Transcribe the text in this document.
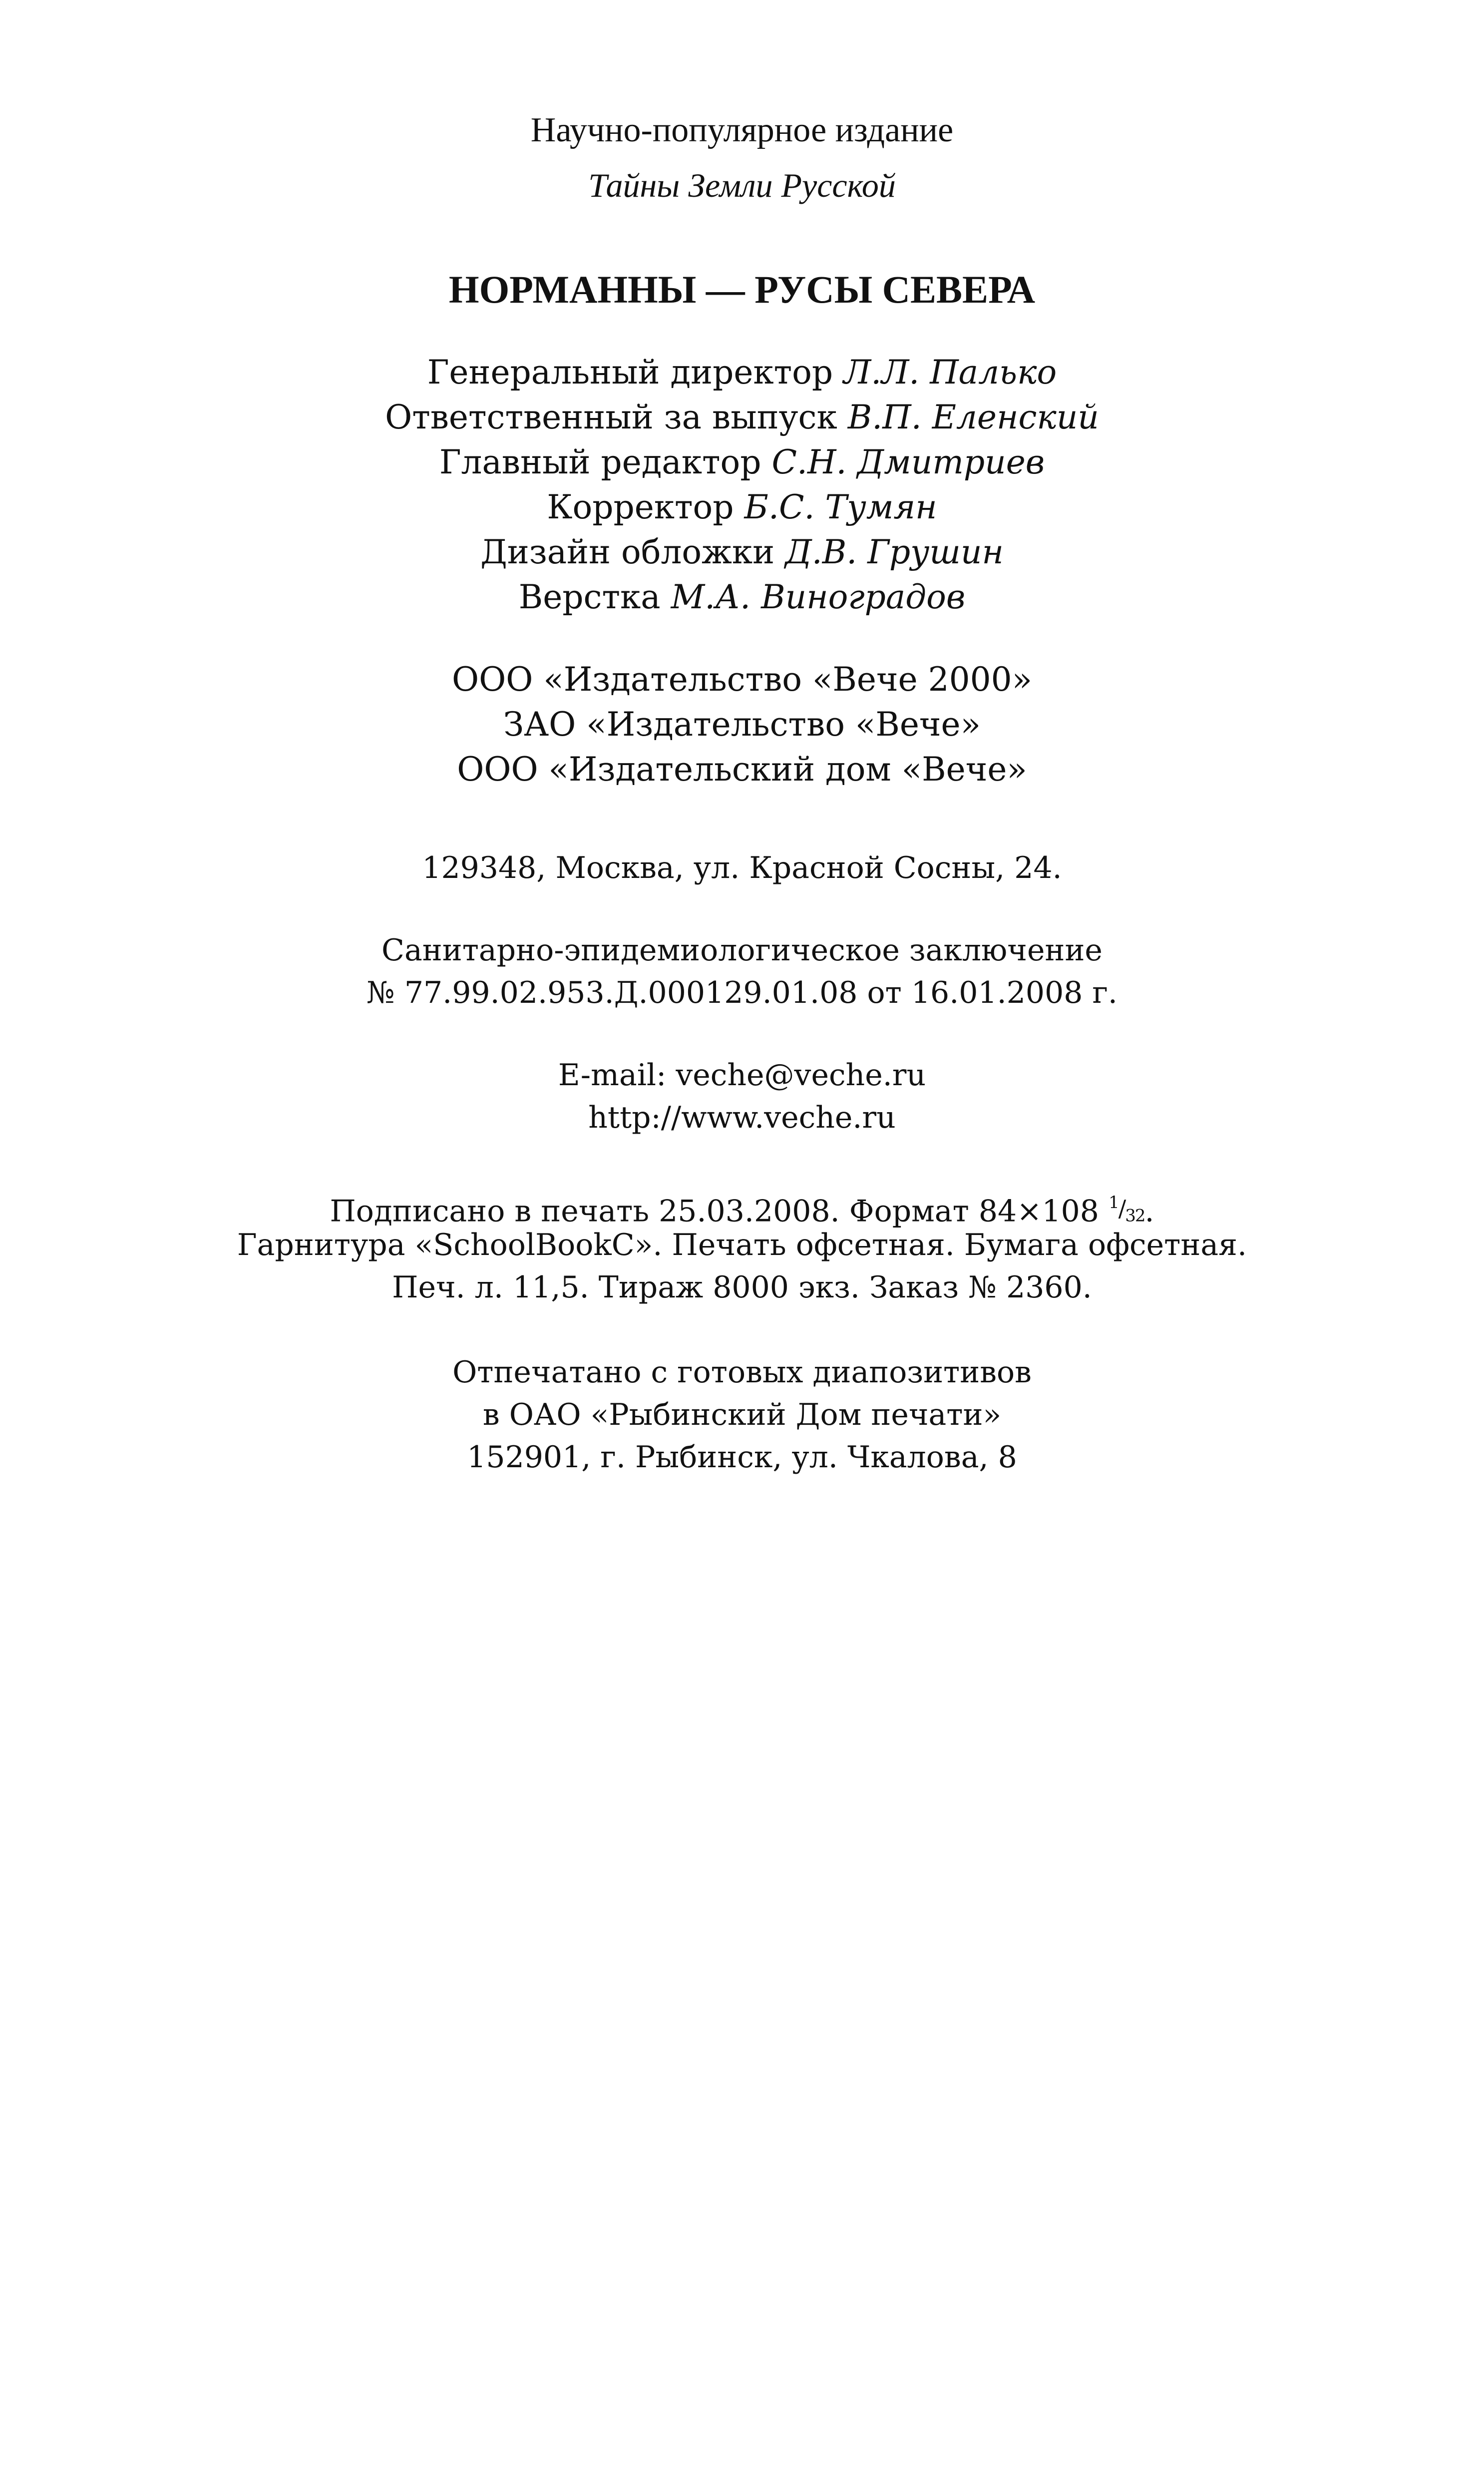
Научно-популярное издание
Тайны Земли Русской
НОРМАННЫ — РУСЫ СЕВЕРА
Генеральный директор Л.Л. Палько
Ответственный за выпуск В.П. Еленский
Главный редактор С.Н. Дмитриев
Корректор Б.С. Тумян
Дизайн обложки Д.В. Грушин
Верстка М.А. Виноградов
ООО «Издательство «Вече 2000»
ЗАО «Издательство «Вече»
ООО «Издательский дом «Вече»
129348, Москва, ул. Красной Сосны, 24.
Санитарно-эпидемиологическое заключение
№ 77.99.02.953.Д.000129.01.08 от 16.01.2008 г.
E-mail: veche@veche.ru
http://www.veche.ru
Подписано в печать 25.03.2008. Формат 84×108 $^1/_{32}$.
Гарнитура «SchoolBookC». Печать офсетная. Бумага офсетная.
Печ. л. 11,5. Тираж 8000 экз. Заказ № 2360.
Отпечатано с готовых диапозитивов
в ОАО «Рыбинский Дом печати»
152901, г. Рыбинск, ул. Чкалова, 8
